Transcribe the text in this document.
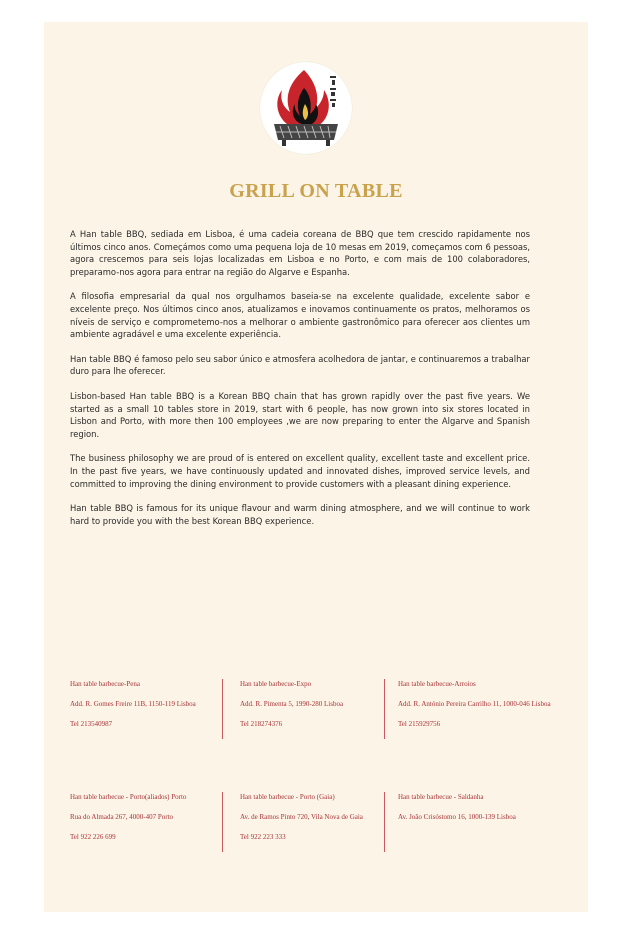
GRILL ON TABLE

A Han table BBQ, sediada em Lisboa, é uma cadeia coreana de BBQ que tem crescido rapidamente nos últimos cinco anos. Começámos como uma pequena loja de 10 mesas em 2019, começamos com 6 pessoas, agora crescemos para seis lojas localizadas em Lisboa e no Porto, e com mais de 100 colaboradores, preparamo-nos agora para entrar na região do Algarve e Espanha.

A filosofia empresarial da qual nos orgulhamos baseia-se na excelente qualidade, excelente sabor e excelente preço. Nos últimos cinco anos, atualizamos e inovamos continuamente os pratos, melhoramos os níveis de serviço e comprometemo-nos a melhorar o ambiente gastronômico para oferecer aos clientes um ambiente agradável e uma excelente experiência.

Han table BBQ é famoso pelo seu sabor único e atmosfera acolhedora de jantar, e continuaremos a trabalhar duro para lhe oferecer.

Lisbon-based Han table BBQ is a Korean BBQ chain that has grown rapidly over the past five years. We started as a small 10 tables store in 2019, start with 6 people, has now grown into six stores located in Lisbon and Porto, with more then 100 employees ,we are now preparing to enter the Algarve and Spanish region.

The business philosophy we are proud of is entered on excellent quality, excellent taste and excellent price. In the past five years, we have continuously updated and innovated dishes, improved service levels, and committed to improving the dining environment to provide customers with a pleasant dining experience.

Han table BBQ is famous for its unique flavour and warm dining atmosphere, and we will continue to work hard to provide you with the best Korean BBQ experience.

Han table barbecue-Pena
Add. R. Gomes Freire 11B, 1150-119 Lisboa
Tel 213540987
Han table barbecue-Expo
Add. R. Pimenta 5, 1990-280 Lisboa
Tel 218274376
Han table barbecue-Arroios
Add. R. António Pereira Carrilho 11, 1000-046 Lisboa
Tel 215929756
Han table barbecue - Porto(aliados) Porto
Rua do Almada 267, 4000-407 Porto
Tel 922 226 699
Han table barbecue - Porto (Gaia)
Av. de Ramos Pinto 720, Vila Nova de Gaia
Tel 922 223 333
Han table barbecue - Saldanha
Av. João Crisóstomo 16, 1000-139 Lisboa
